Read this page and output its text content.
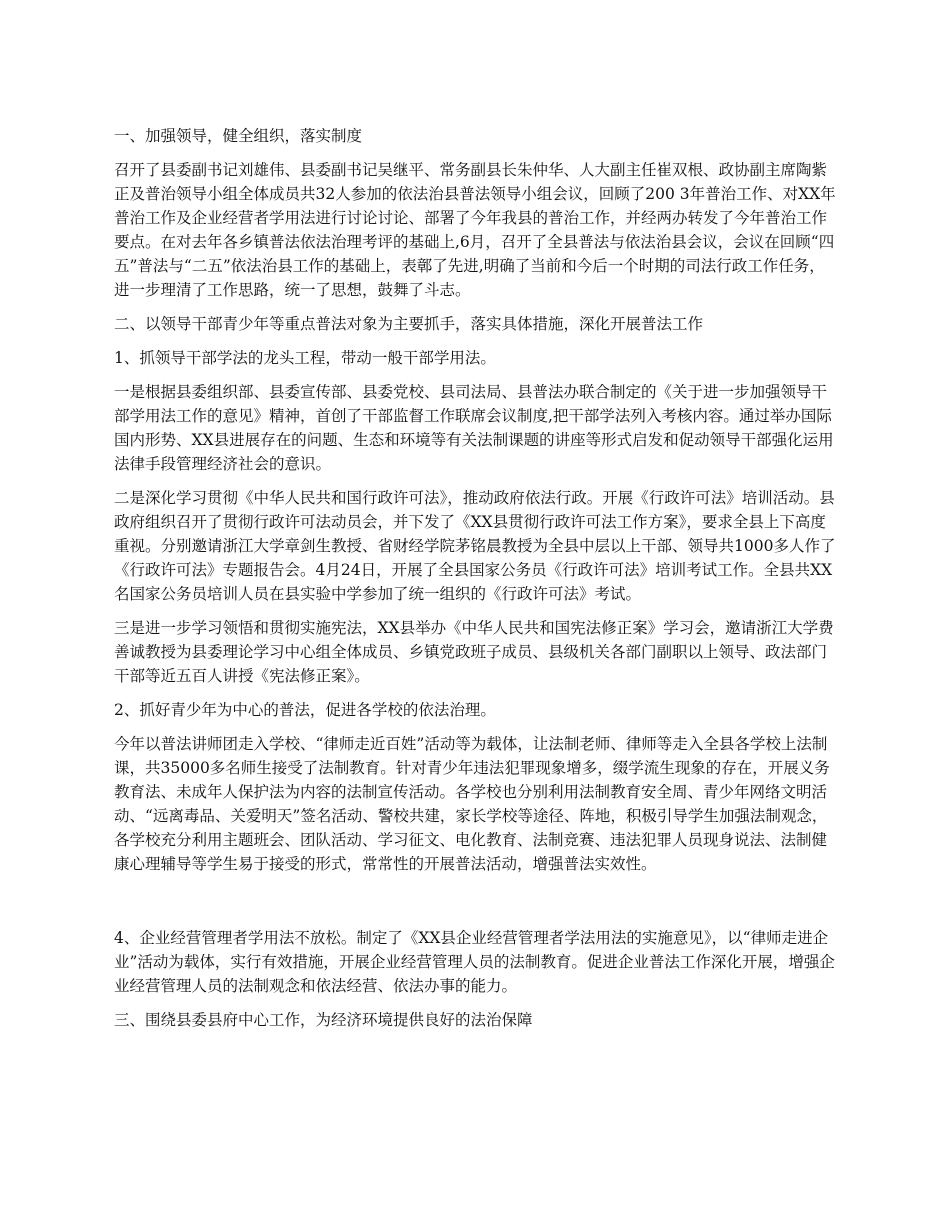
一、加强领导，健全组织，落实制度

召开了县委副书记刘雄伟、县委副书记吴继平、常务副县长朱仲华、人大副主任崔双根、政协副主席陶紫正及普治领导小组全体成员共32人参加的依法治县普法领导小组会议，回顾了200 3年普治工作、对XX年普治工作及企业经营者学用法进行讨论讨论、部署了今年我县的普治工作，并经两办转发了今年普治工作要点。在对去年各乡镇普法依法治理考评的基础上,6月，召开了全县普法与依法治县会议，会议在回顾“四五”普法与“二五”依法治县工作的基础上，表鄣了先进,明确了当前和今后一个时期的司法行政工作任务，进一步理清了工作思路，统一了思想，鼓舞了斗志。

二、以领导干部青少年等重点普法对象为主要抓手，落实具体措施，深化开展普法工作

1、抓领导干部学法的龙头工程，带动一般干部学用法。

一是根据县委组织部、县委宣传部、县委党校、县司法局、县普法办联合制定的《关于进一步加强领导干部学用法工作的意见》精神，首创了干部监督工作联席会议制度,把干部学法列入考核内容。通过举办国际国内形势、XX县进展存在的问题、生态和环境等有关法制课题的讲座等形式启发和促动领导干部强化运用法律手段管理经济社会的意识。

二是深化学习贯彻《中华人民共和国行政许可法》，推动政府依法行政。开展《行政许可法》培训活动。县政府组织召开了贯彻行政许可法动员会，并下发了《XX县贯彻行政许可法工作方案》，要求全县上下高度重视。分别邀请浙江大学章剑生教授、省财经学院茅铭晨教授为全县中层以上干部、领导共1000多人作了《行政许可法》专题报告会。4月24日，开展了全县国家公务员《行政许可法》培训考试工作。全县共XX名国家公务员培训人员在县实验中学参加了统一组织的《行政许可法》考试。

三是进一步学习领悟和贯彻实施宪法，XX县举办《中华人民共和国宪法修正案》学习会，邀请浙江大学费善诚教授为县委理论学习中心组全体成员、乡镇党政班子成员、县级机关各部门副职以上领导、政法部门干部等近五百人讲授《宪法修正案》。

2、抓好青少年为中心的普法，促进各学校的依法治理。

今年以普法讲师团走入学校、“律师走近百姓”活动等为载体，让法制老师、律师等走入全县各学校上法制课，共35000多名师生接受了法制教育。针对青少年违法犯罪现象增多，缀学流生现象的存在，开展义务教育法、未成年人保护法为内容的法制宣传活动。各学校也分别利用法制教育安全周、青少年网络文明活动、“远离毒品、关爱明天”签名活动、警校共建，家长学校等途径、阵地，积极引导学生加强法制观念，各学校充分利用主题班会、团队活动、学习征文、电化教育、法制竞赛、违法犯罪人员现身说法、法制健康心理辅导等学生易于接受的形式，常常性的开展普法活动，增强普法实效性。

4、企业经营管理者学用法不放松。制定了《XX县企业经营管理者学法用法的实施意见》，以“律师走进企业”活动为载体，实行有效措施，开展企业经营管理人员的法制教育。促进企业普法工作深化开展，增强企业经营管理人员的法制观念和依法经营、依法办事的能力。

三、围绕县委县府中心工作，为经济环境提供良好的法治保障
